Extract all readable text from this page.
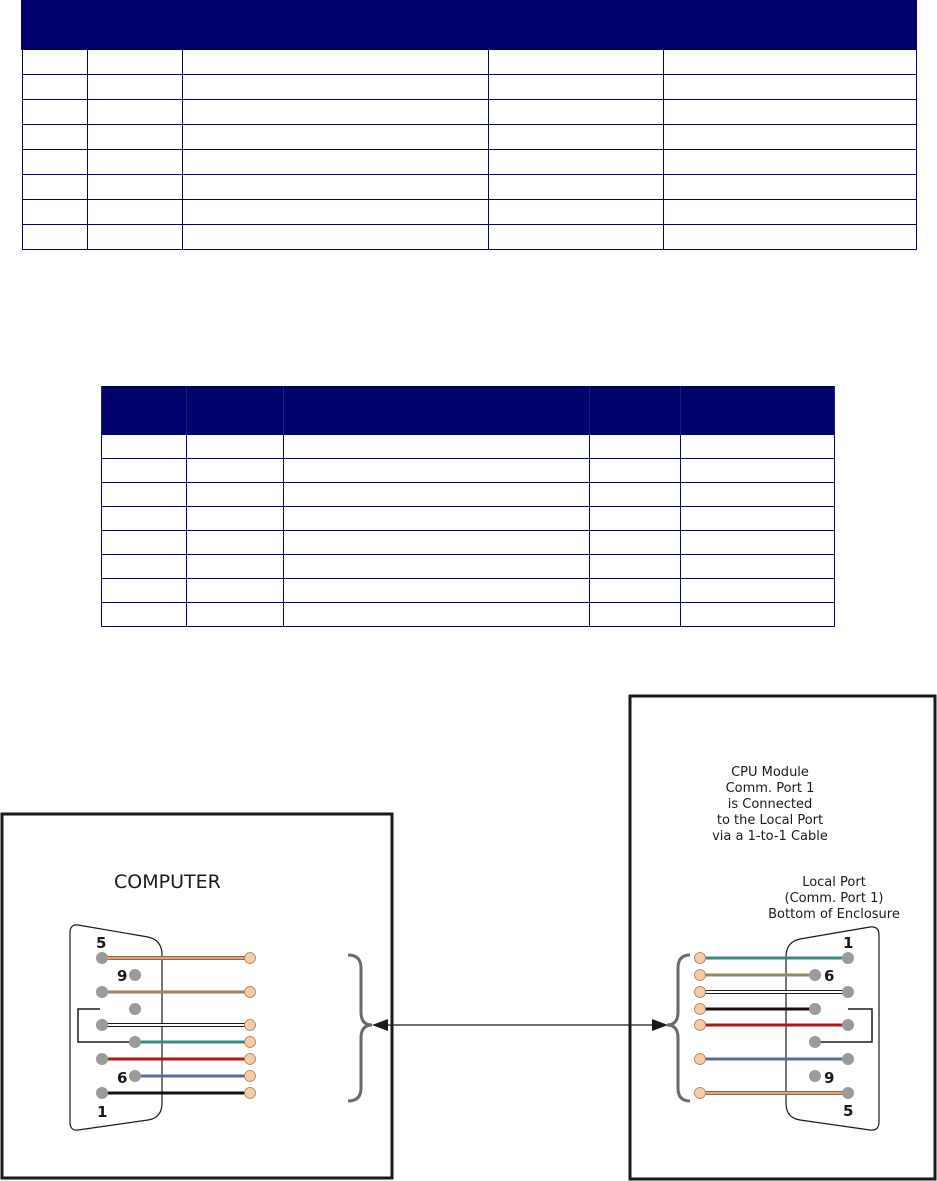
COMPUTER
5
9
6
1
CPU Module
Comm. Port 1
is Connected
to the Local Port
via a 1-to-1 Cable
Local Port
(Comm. Port 1)
Bottom of Enclosure
1
6
9
5
